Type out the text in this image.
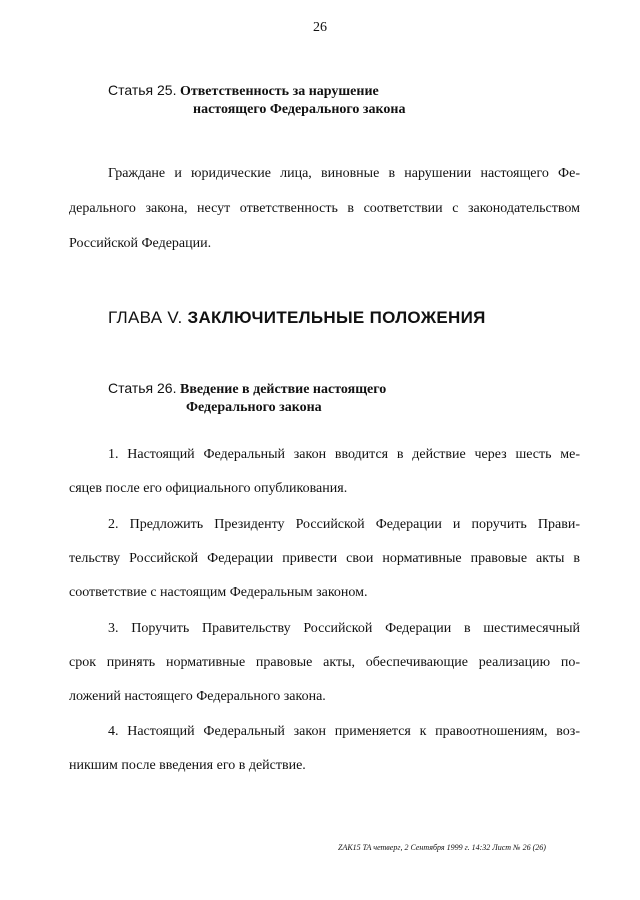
26
Статья 25. Ответственность за нарушение
настоящего Федерального закона
Граждане и юридические лица, виновные в нарушении настоящего Фе-
дерального закона, несут ответственность в соответствии с законодательством
Российской Федерации.
ГЛАВА V. ЗАКЛЮЧИТЕЛЬНЫЕ ПОЛОЖЕНИЯ
Статья 26. Введение в действие настоящего
Федерального закона
1. Настоящий Федеральный закон вводится в действие через шесть ме-
сяцев после его официального опубликования.
2. Предложить Президенту Российской Федерации и поручить Прави-
тельству Российской Федерации привести свои нормативные правовые акты в
соответствие с настоящим Федеральным законом.
3. Поручить Правительству Российской Федерации в шестимесячный
срок принять нормативные правовые акты, обеспечивающие реализацию по-
ложений настоящего Федерального закона.
4. Настоящий Федеральный закон применяется к правоотношениям, воз-
никшим после введения его в действие.
ZAK15 TA четверг, 2 Сентября 1999 г. 14:32 Лист № 26 (26)
